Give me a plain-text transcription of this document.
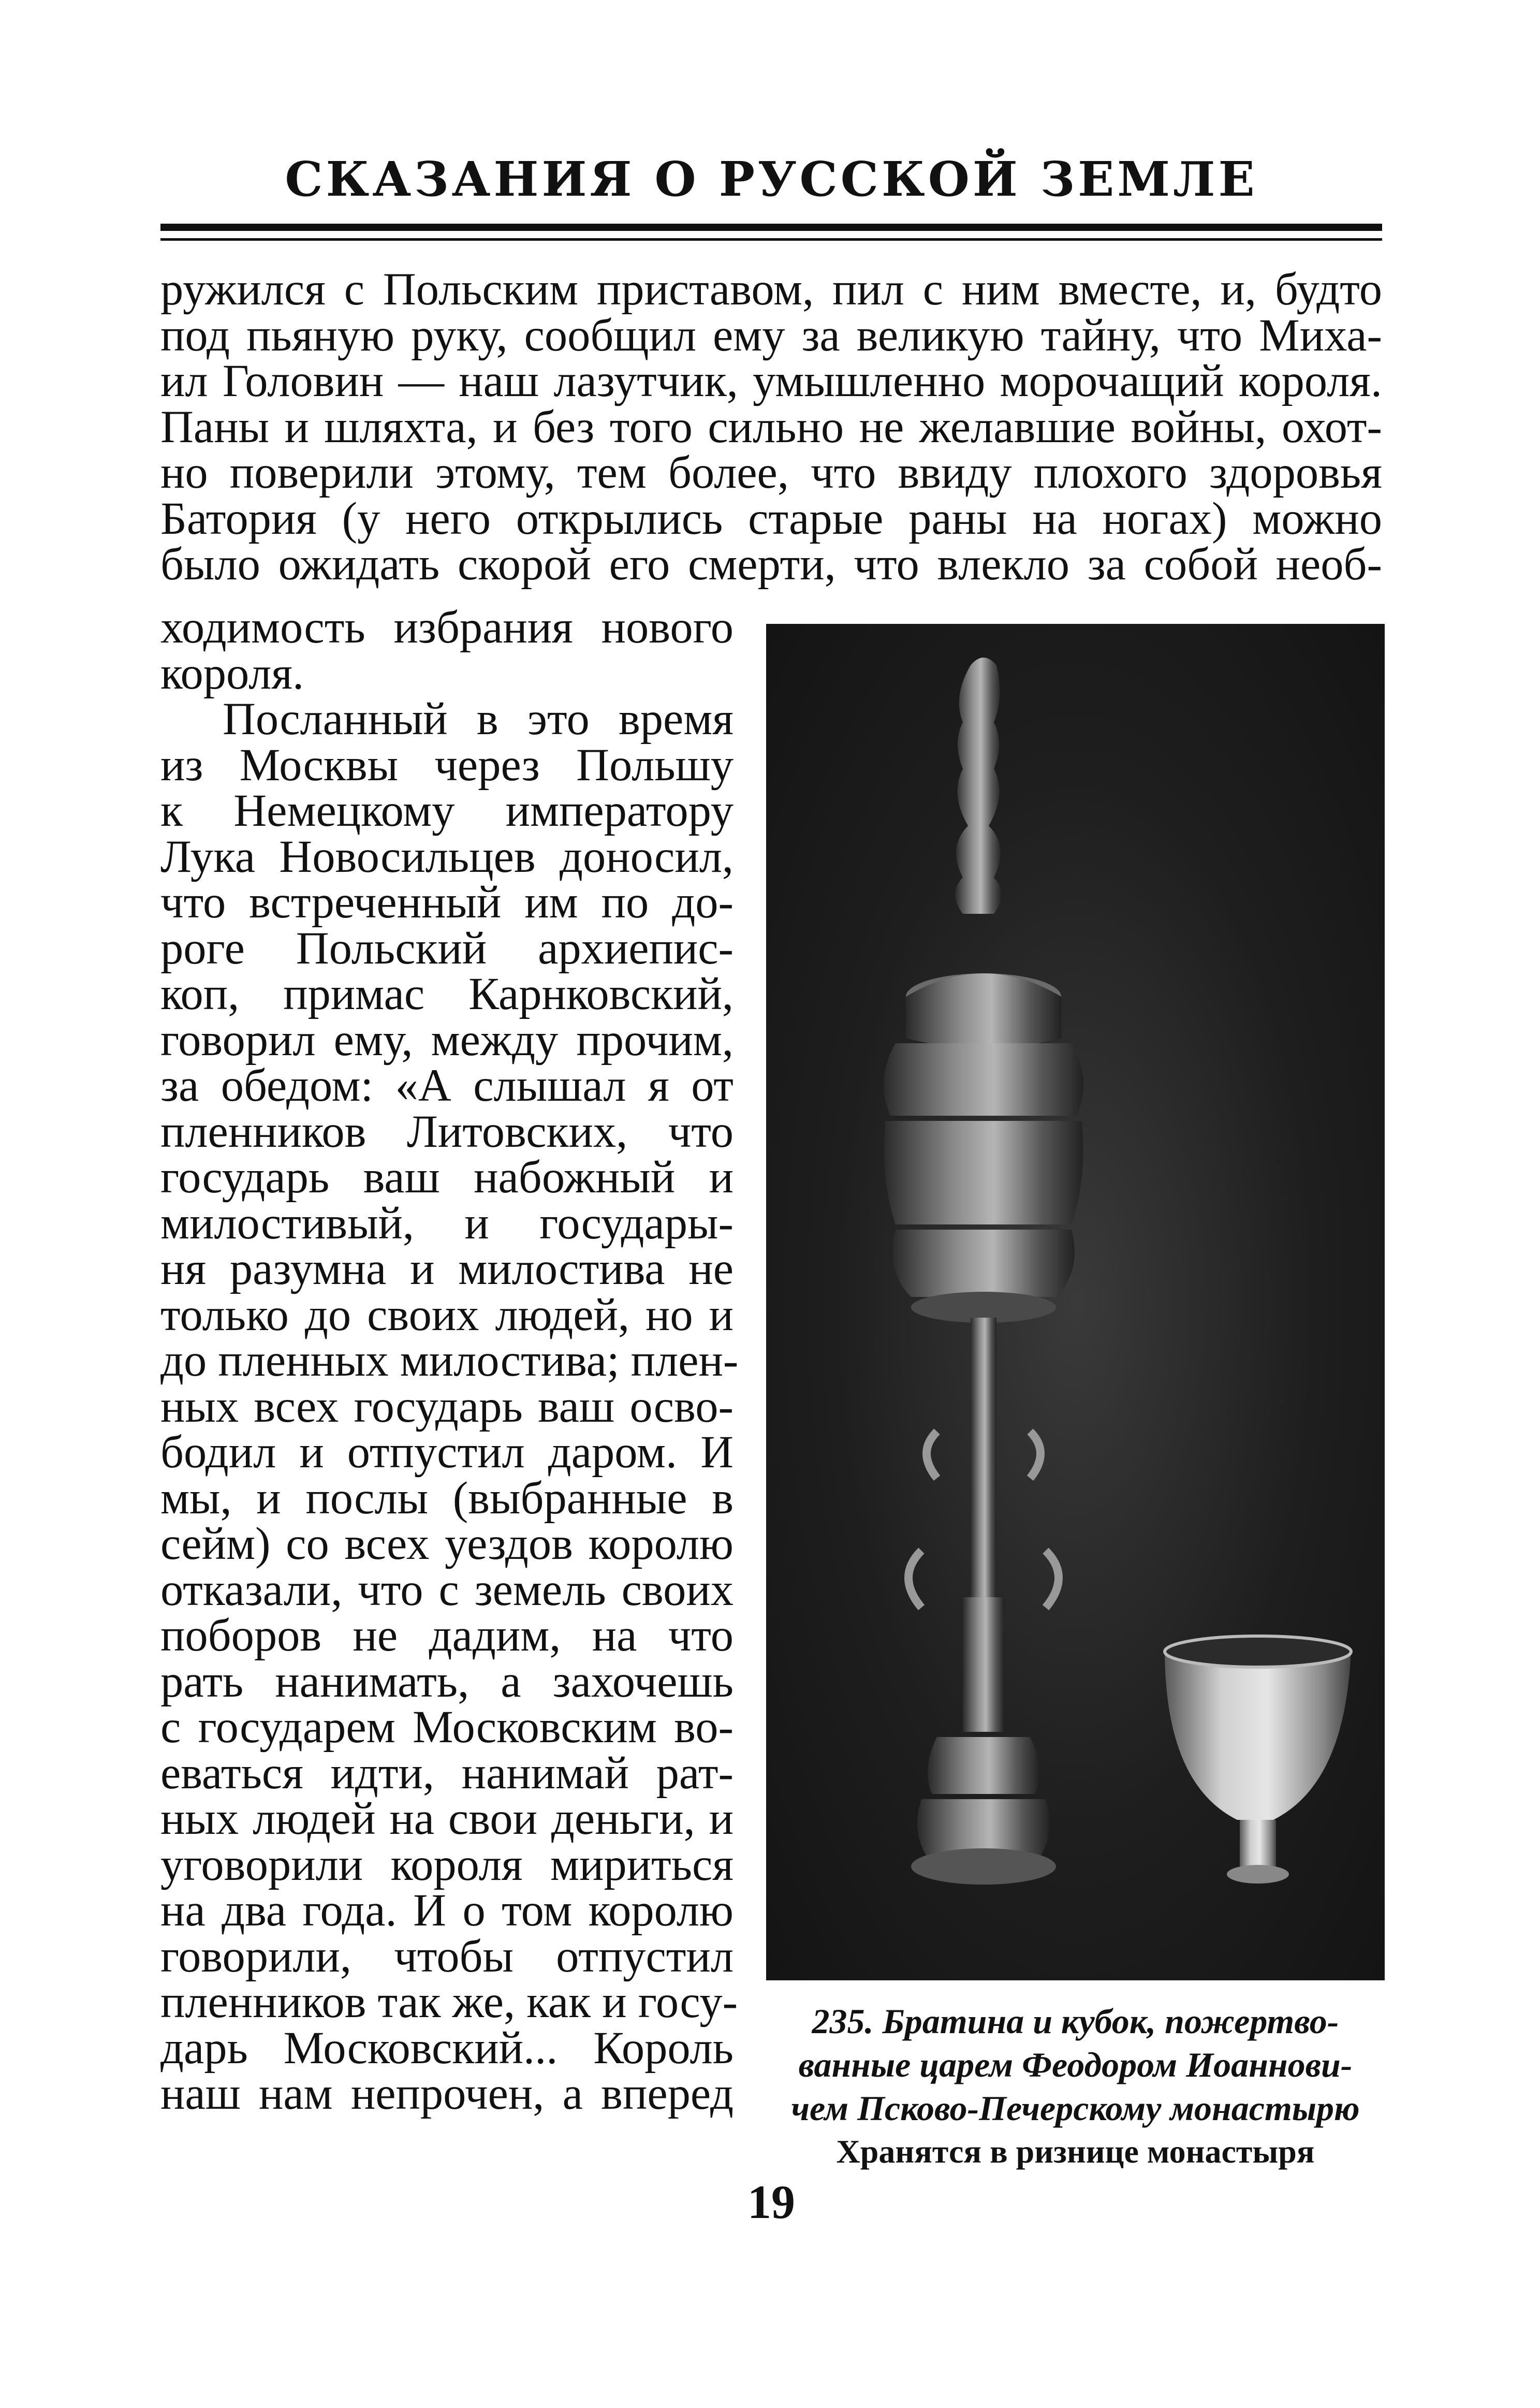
СКАЗАНИЯ О РУССКОЙ ЗЕМЛЕ
ружился с Польским приставом, пил с ним вместе, и, будто
под пьяную руку, сообщил ему за великую тайну, что Миха-
ил Головин — наш лазутчик, умышленно морочащий короля.
Паны и шляхта, и без того сильно не желавшие войны, охот-
но поверили этому, тем более, что ввиду плохого здоровья
Батория (у него открылись старые раны на ногах) можно
было ожидать скорой его смерти, что влекло за собой необ-
ходимость избрания нового
короля.
Посланный в это время
из Москвы через Польшу
к Немецкому императору
Лука Новосильцев доносил,
что встреченный им по до-
роге Польский архиепис-
коп, примас Карнковский,
говорил ему, между прочим,
за обедом: «А слышал я от
пленников Литовских, что
государь ваш набожный и
милостивый, и государы-
ня разумна и милостива не
только до своих людей, но и
до пленных милостива; плен-
ных всех государь ваш осво-
бодил и отпустил даром. И
мы, и послы (выбранные в
сейм) со всех уездов королю
отказали, что с земель своих
поборов не дадим, на что
рать нанимать, а захочешь
с государем Московским во-
еваться идти, нанимай рат-
ных людей на свои деньги, и
уговорили короля мириться
на два года. И о том королю
говорили, чтобы отпустил
пленников так же, как и госу-
дарь Московский... Король
наш нам непрочен, а вперед
235. Братина и кубок, пожертво-
ванные царем Феодором Иоаннови-
чем Псково-Печерскому монастырю
Хранятся в ризнице монастыря
19
